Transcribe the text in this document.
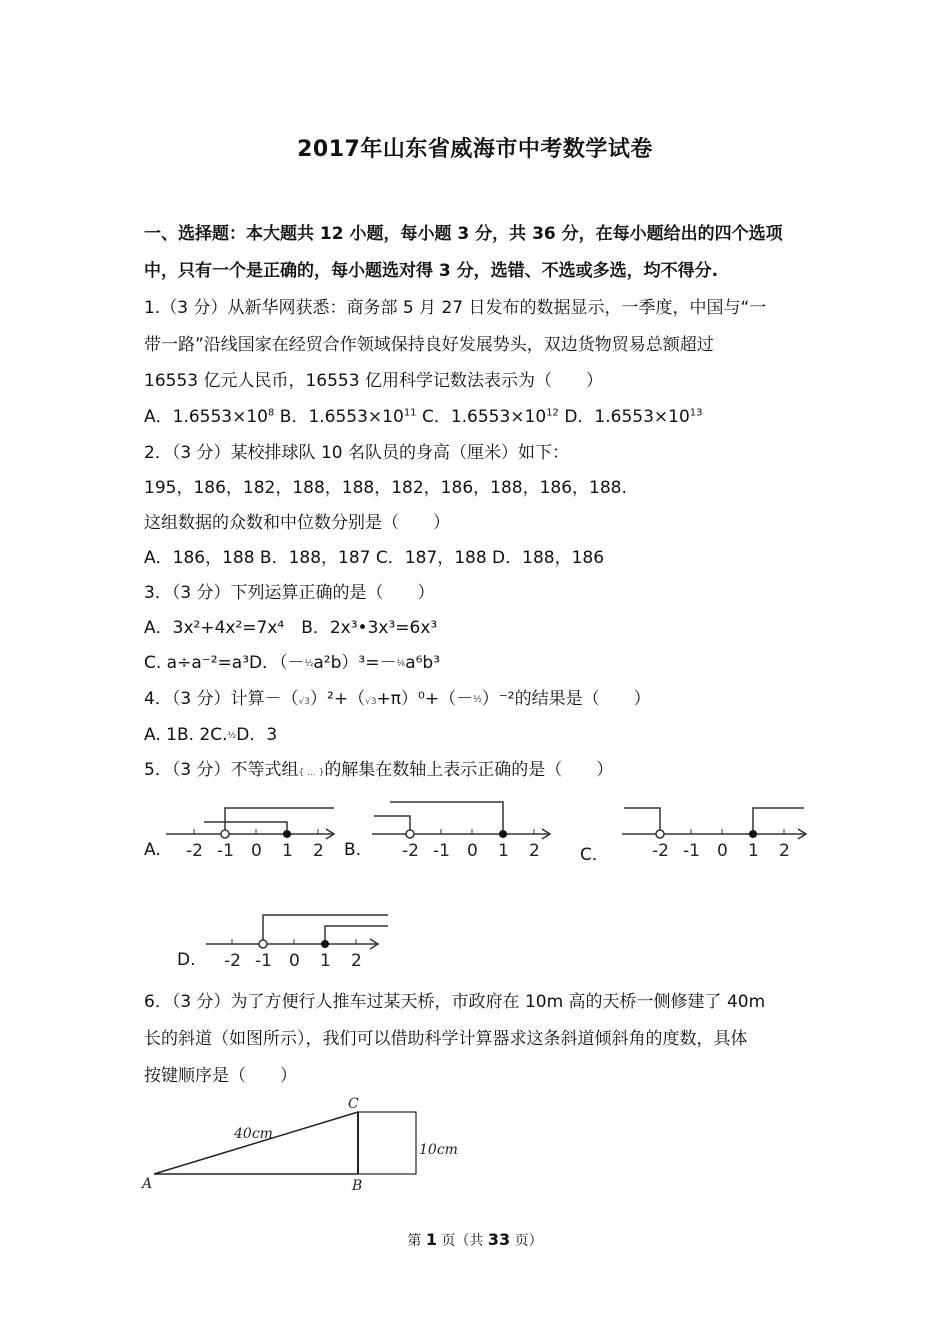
2017年山东省威海市中考数学试卷
一、选择题：本大题共 12 小题，每小题 3 分，共 36 分，在每小题给出的四个选项
中，只有一个是正确的，每小题选对得 3 分，选错、不选或多选，均不得分.
1.（3 分）从新华网获悉：商务部 5 月 27 日发布的数据显示，一季度，中国与“一
带一路”沿线国家在经贸合作领域保持良好发展势头，双边货物贸易总额超过
16553 亿元人民币，16553 亿用科学记数法表示为（　　）
A．$1.6553\times 10^8$ B．$1.6553\times 10^{11}$ C．$1.6553\times 10^{12}$ D．$1.6553\times 10^{13}$
2．（3 分）某校排球队 10 名队员的身高（厘米）如下：
195，186，182，188，188，182，186，188，186，188.
这组数据的众数和中位数分别是（　　）
A．186，188 B．188，187 C．187，188 D．188，186
3．（3 分）下列运算正确的是（　　）
A．3x²+4x²=7x⁴　B．2x³•3x³=6x³
C. a÷a⁻²=a³D．（－½a²b）³=－⅙a⁶b³
4．（3 分）计算－（√3）²+（√3+π）⁰+（－½）⁻²的结果是（　　）
A. 1B. 2C.½D．3
5．（3 分）不等式组{ ... }的解集在数轴上表示正确的是（　　）
A. -2 -1 0 1 2 B. -2 -1 0 1 2 C．	-2 -1 0 1 2
D. -2 -1 0 1 2
6．（3 分）为了方便行人推车过某天桥，市政府在 10m 高的天桥一侧修建了 40m
长的斜道（如图所示），我们可以借助科学计算器求这条斜道倾斜角的度数，具体
按键顺序是（　　）
A	B
C
40cm
10cm
第 1 页（共 33 页）
